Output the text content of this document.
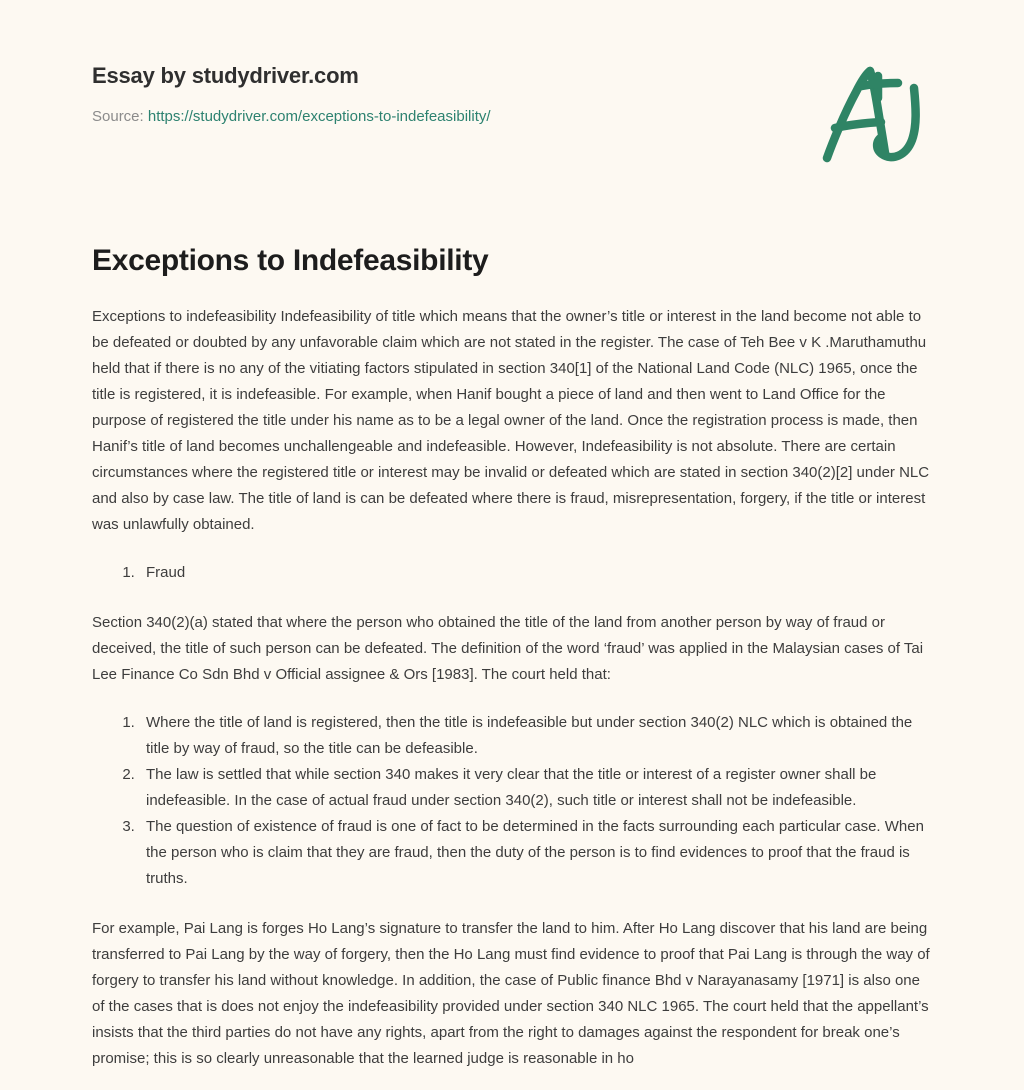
Essay by studydriver.com
Source: https://studydriver.com/exceptions-to-indefeasibility/
Exceptions to Indefeasibility

Exceptions to indefeasibility Indefeasibility of title which means that the owner’s title or interest in the land become not able to be defeated or doubted by any unfavorable claim which are not stated in the register. The case of Teh Bee v K .Maruthamuthu held that if there is no any of the vitiating factors stipulated in section 340[1] of the National Land Code (NLC) 1965, once the title is registered, it is indefeasible. For example, when Hanif bought a piece of land and then went to Land Office for the purpose of registered the title under his name as to be a legal owner of the land. Once the registration process is made, then Hanif’s title of land becomes unchallengeable and indefeasible. However, Indefeasibility is not absolute. There are certain circumstances where the registered title or interest may be invalid or defeated which are stated in section 340(2)[2] under NLC and also by case law. The title of land is can be defeated where there is fraud, misrepresentation, forgery, if the title or interest was unlawfully obtained.

1. Fraud

Section 340(2)(a) stated that where the person who obtained the title of the land from another person by way of fraud or deceived, the title of such person can be defeated. The definition of the word ‘fraud’ was applied in the Malaysian cases of Tai Lee Finance Co Sdn Bhd v Official assignee & Ors [1983]. The court held that:

1. Where the title of land is registered, then the title is indefeasible but under section 340(2) NLC which is obtained the title by way of fraud, so the title can be defeasible.
2. The law is settled that while section 340 makes it very clear that the title or interest of a register owner shall be indefeasible. In the case of actual fraud under section 340(2), such title or interest shall not be indefeasible.
3. The question of existence of fraud is one of fact to be determined in the facts surrounding each particular case. When the person who is claim that they are fraud, then the duty of the person is to find evidences to proof that the fraud is truths.

For example, Pai Lang is forges Ho Lang’s signature to transfer the land to him. After Ho Lang discover that his land are being transferred to Pai Lang by the way of forgery, then the Ho Lang must find evidence to proof that Pai Lang is through the way of forgery to transfer his land without knowledge. In addition, the case of Public finance Bhd v Narayanasamy [1971] is also one of the cases that is does not enjoy the indefeasibility provided under section 340 NLC 1965. The court held that the appellant’s insists that the third parties do not have any rights, apart from the right to damages against the respondent for break one’s promise; this is so clearly unreasonable that the learned judge is reasonable in ho
